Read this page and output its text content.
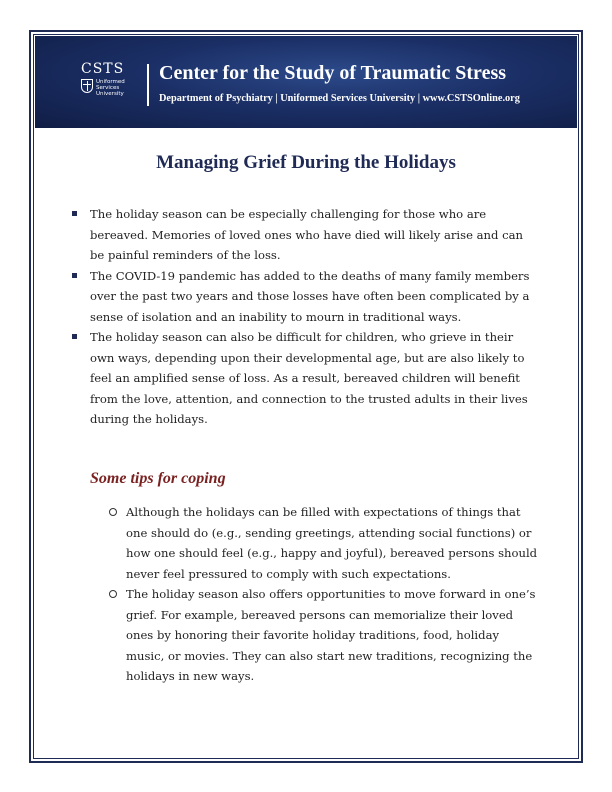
CSTS
Uniformed
Services
University
Center for the Study of Traumatic Stress
Department of Psychiatry | Uniformed Services University | www.CSTSOnline.org
Managing Grief During the Holidays
The holiday season can be especially challenging for those who are bereaved. Memories of loved ones who have died will likely arise and can be painful reminders of the loss.
The COVID-19 pandemic has added to the deaths of many family members over the past two years and those losses have often been complicated by a sense of isolation and an inability to mourn in traditional ways.
The holiday season can also be difficult for children, who grieve in their own ways, depending upon their developmental age, but are also likely to feel an amplified sense of loss. As a result, bereaved children will benefit from the love, attention, and connection to the trusted adults in their lives during the holidays.
Some tips for coping
Although the holidays can be filled with expectations of things that one should do (e.g., sending greetings, attending social functions) or how one should feel (e.g., happy and joyful), bereaved persons should never feel pressured to comply with such expectations.
The holiday season also offers opportunities to move forward in one’s grief. For example, bereaved persons can memorialize their loved ones by honoring their favorite holiday traditions, food, holiday music, or movies. They can also start new traditions, recognizing the holidays in new ways.
